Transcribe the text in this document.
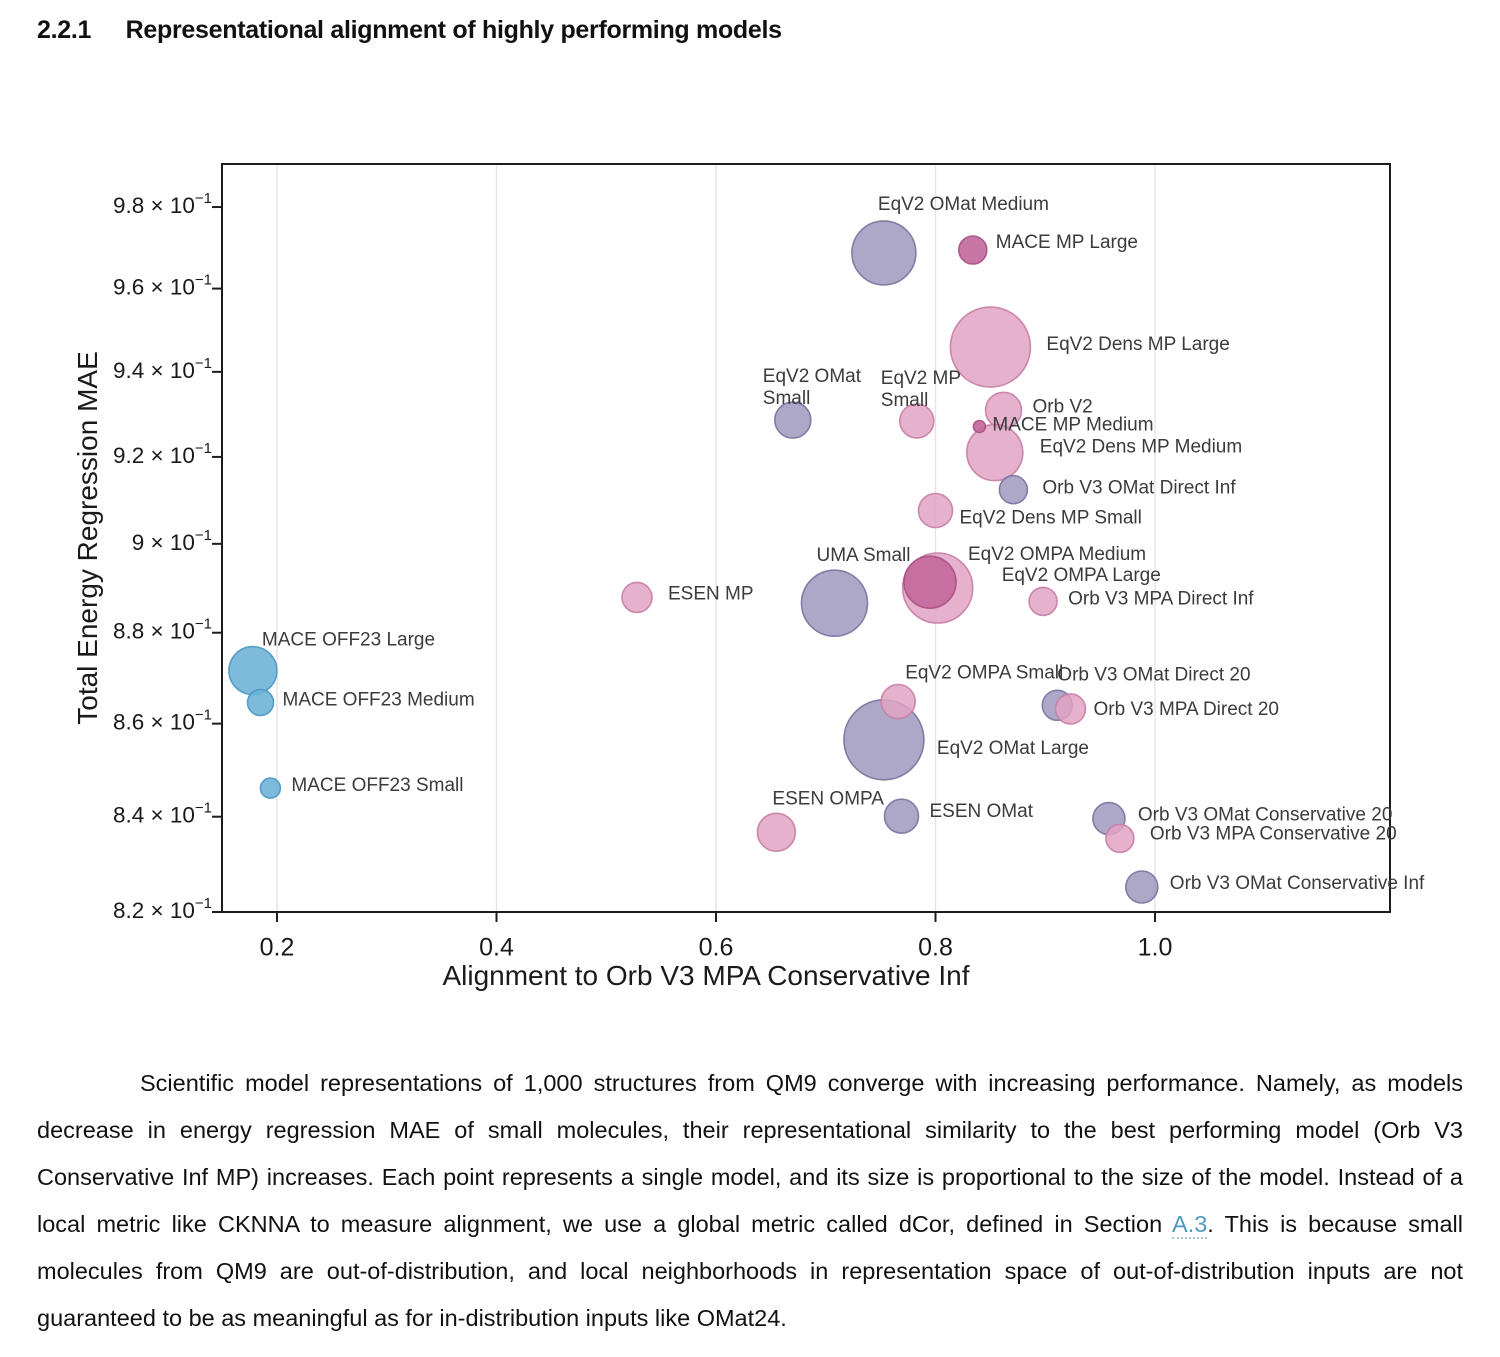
2.2.1 Representational alignment of highly performing models
0.2	0.4	0.6	0.8	1.0
$9.8 \times 10^{-1}$
$9.6 \times 10^{-1}$
$9.4 \times 10^{-1}$
$9.2 \times 10^{-1}$
$9 \times 10^{-1}$
$8.8 \times 10^{-1}$
$8.6 \times 10^{-1}$
$8.4 \times 10^{-1}$
$8.2 \times 10^{-1}$
Alignment to Orb V3 MPA Conservative Inf
Total Energy Regression MAE
EqV2 OMat Medium
MACE MP Large
EqV2 Dens MP Large
EqV2 OMat Small
EqV2 MP Small	Orb V2
EqV2 Dens MP Medium
MACE MP Medium
Orb V3 OMat Direct Inf
EqV2 Dens MP Small
UMA Small
EqV2 OMPA Large
EqV2 OMPA Medium
Orb V3 MPA Direct Inf
ESEN MP
MACE OFF23 Large
MACE OFF23 Medium
MACE OFF23 Small
EqV2 OMat Large
EqV2 OMPA Small
Orb V3 OMat Direct 20
Orb V3 MPA Direct 20
ESEN OMPA
ESEN OMat	Orb V3 OMat Conservative 20
Orb V3 MPA Conservative 20
Orb V3 OMat Conservative Inf

Scientific model representations of 1,000 structures from QM9 converge with increasing performance. Namely, as models decrease in energy regression MAE of small molecules, their representational similarity to the best performing model (Orb V3 Conservative Inf MP) increases. Each point represents a single model, and its size is proportional to the size of the model. Instead of a local metric like CKNNA to measure alignment, we use a global metric called dCor, defined in Section A.3. This is because small molecules from QM9 are out-of-distribution, and local neighborhoods in representation space of out-of-distribution inputs are not guaranteed to be as meaningful as for in-distribution inputs like OMat24.
